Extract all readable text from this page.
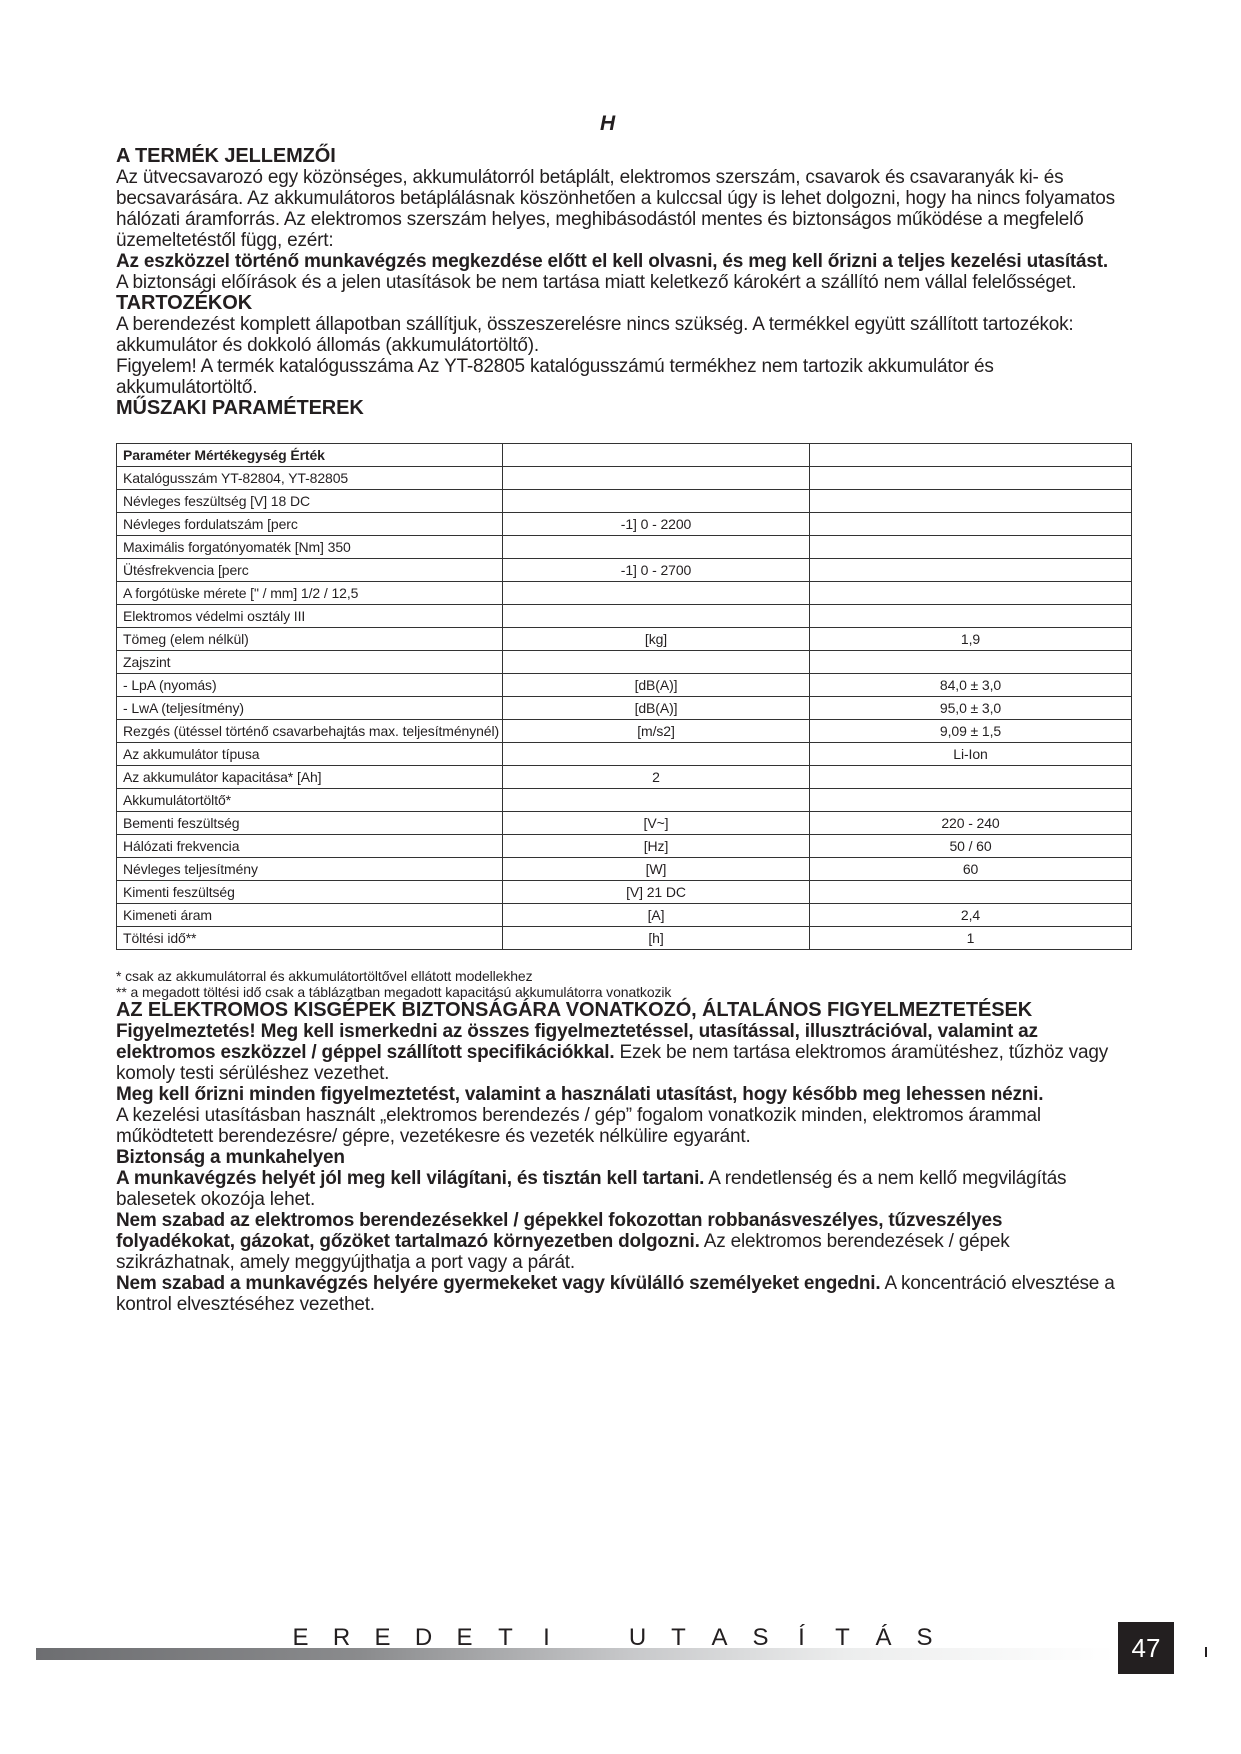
H

A TERMÉK JELLEMZŐI

Az ütvecsavarozó egy közönséges, akkumulátorról betáplált, elektromos szerszám, csavarok és csavaranyák ki- és becsavarására. Az akkumulátoros betáplálásnak köszönhetően a kulccsal úgy is lehet dolgozni, hogy ha nincs folyamatos hálózati áramforrás. Az elektromos szerszám helyes, meghibásodástól mentes és biztonságos működése a megfelelő üzemeltetéstől függ, ezért:

Az eszközzel történő munkavégzés megkezdése előtt el kell olvasni, és meg kell őrizni a teljes kezelési utasítást.

A biztonsági előírások és a jelen utasítások be nem tartása miatt keletkező károkért a szállító nem vállal felelősséget.

TARTOZÉKOK

A berendezést komplett állapotban szállítjuk, összeszerelésre nincs szükség. A termékkel együtt szállított tartozékok: akkumulátor és dokkoló állomás (akkumulátortöltő).

Figyelem! A termék katalógusszáma Az YT-82805 katalógusszámú termékhez nem tartozik akkumulátor és akkumulátortöltő.

MŰSZAKI PARAMÉTEREK

Paraméter Mértékegység Érték		
Katalógusszám YT-82804, YT-82805		
Névleges feszültség [V] 18 DC		
Névleges fordulatszám [perc	-1] 0 - 2200	
Maximális forgatónyomaték [Nm] 350		
Ütésfrekvencia [perc	-1] 0 - 2700	
A forgótüske mérete [" / mm] 1/2 / 12,5		
Elektromos védelmi osztály III		
Tömeg (elem nélkül)	[kg]	1,9
Zajszint		
- LpA (nyomás)	[dB(A)]	84,0 ± 3,0
- LwA (teljesítmény)	[dB(A)]	95,0 ± 3,0
Rezgés (ütéssel történő csavarbehajtás max. teljesítménynél)	[m/s2]	9,09 ± 1,5
Az akkumulátor típusa		Li-Ion
Az akkumulátor kapacitása* [Ah]	2	
Akkumulátortöltő*		
Bementi feszültség	[V~]	220 - 240
Hálózati frekvencia	[Hz]	50 / 60
Névleges teljesítmény	[W]	60
Kimenti feszültség	[V] 21 DC	
Kimeneti áram	[A]	2,4
Töltési idő**	[h]	1

* csak az akkumulátorral és akkumulátortöltővel ellátott modellekhez

** a megadott töltési idő csak a táblázatban megadott kapacitású akkumulátorra vonatkozik

AZ ELEKTROMOS KISGÉPEK BIZTONSÁGÁRA VONATKOZÓ, ÁLTALÁNOS FIGYELMEZTETÉSEK

Figyelmeztetés! Meg kell ismerkedni az összes figyelmeztetéssel, utasítással, illusztrációval, valamint az elektromos eszközzel / géppel szállított specifikációkkal. Ezek be nem tartása elektromos áramütéshez, tűzhöz vagy komoly testi sérüléshez vezethet.

Meg kell őrizni minden figyelmeztetést, valamint a használati utasítást, hogy később meg lehessen nézni.

A kezelési utasításban használt „elektromos berendezés / gép” fogalom vonatkozik minden, elektromos árammal működtetett berendezésre/ gépre, vezetékesre és vezeték nélkülire egyaránt.

Biztonság a munkahelyen

A munkavégzés helyét jól meg kell világítani, és tisztán kell tartani. A rendetlenség és a nem kellő megvilágítás balesetek okozója lehet.

Nem szabad az elektromos berendezésekkel / gépekkel fokozottan robbanásveszélyes, tűzveszélyes folyadékokat, gázokat, gőzöket tartalmazó környezetben dolgozni. Az elektromos berendezések / gépek szikrázhatnak, amely meggyújthatja a port vagy a párát.

Nem szabad a munkavégzés helyére gyermekeket vagy kívülálló személyeket engedni. A koncentráció elvesztése a kontrol elvesztéséhez vezethet.

E R E D E T I	U T A S Í T Á S	47
